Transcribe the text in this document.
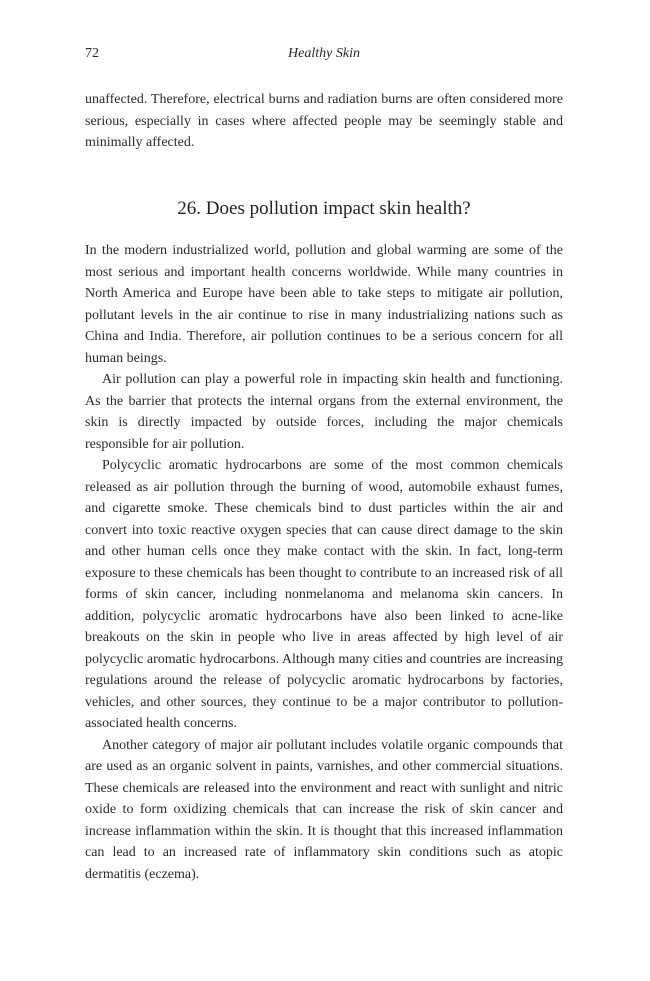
72	Healthy Skin

unaffected. Therefore, electrical burns and radiation burns are often considered more serious, especially in cases where affected people may be seemingly stable and minimally affected.

26. Does pollution impact skin health?

In the modern industrialized world, pollution and global warming are some of the most serious and important health concerns worldwide. While many countries in North America and Europe have been able to take steps to mitigate air pollution, pollutant levels in the air continue to rise in many industrializing nations such as China and India. Therefore, air pollution continues to be a serious concern for all human beings.

Air pollution can play a powerful role in impacting skin health and functioning. As the barrier that protects the internal organs from the external environment, the skin is directly impacted by outside forces, including the major chemicals responsible for air pollution.

Polycyclic aromatic hydrocarbons are some of the most common chemicals released as air pollution through the burning of wood, automobile exhaust fumes, and cigarette smoke. These chemicals bind to dust particles within the air and convert into toxic reactive oxygen species that can cause direct damage to the skin and other human cells once they make contact with the skin. In fact, long-term exposure to these chemicals has been thought to contribute to an increased risk of all forms of skin cancer, including nonmelanoma and melanoma skin cancers. In addition, polycyclic aromatic hydrocarbons have also been linked to acne-like breakouts on the skin in people who live in areas affected by high level of air polycyclic aromatic hydrocarbons. Although many cities and countries are increasing regulations around the release of polycyclic aromatic hydrocarbons by factories, vehicles, and other sources, they continue to be a major contributor to pollution-associated health concerns.

Another category of major air pollutant includes volatile organic compounds that are used as an organic solvent in paints, varnishes, and other commercial situations. These chemicals are released into the environment and react with sunlight and nitric oxide to form oxidizing chemicals that can increase the risk of skin cancer and increase inflammation within the skin. It is thought that this increased inflammation can lead to an increased rate of inflammatory skin conditions such as atopic dermatitis (eczema).
